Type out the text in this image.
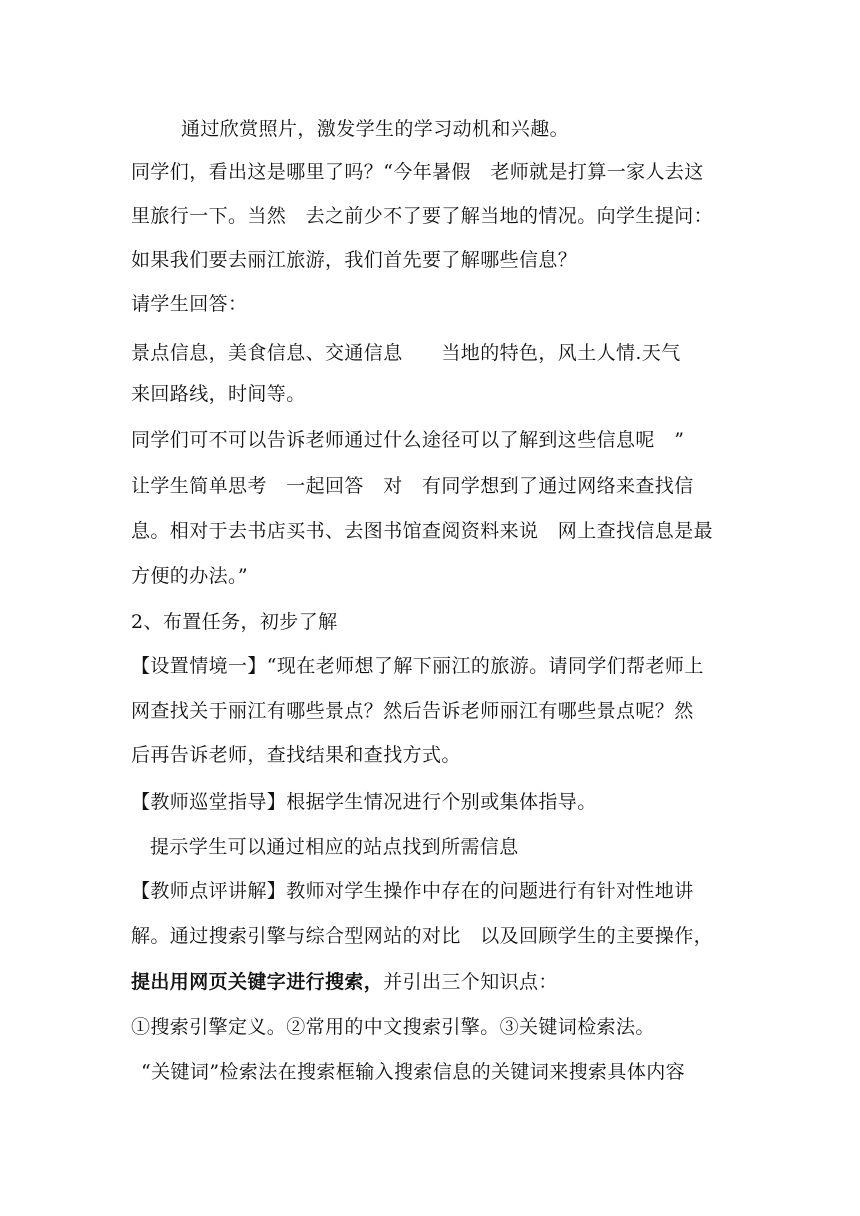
通过欣赏照片，激发学生的学习动机和兴趣。
同学们，看出这是哪里了吗？“今年暑假　老师就是打算一家人去这
里旅行一下。当然　去之前少不了要了解当地的情况。向学生提问：
如果我们要去丽江旅游，我们首先要了解哪些信息？
请学生回答：
景点信息，美食信息、交通信息　　当地的特色，风土人情.天气
来回路线，时间等。
同学们可不可以告诉老师通过什么途径可以了解到这些信息呢　”
让学生简单思考　一起回答　对　有同学想到了通过网络来查找信
息。相对于去书店买书、去图书馆查阅资料来说　网上查找信息是最
方便的办法。”
2、布置任务，初步了解
【设置情境一】“现在老师想了解下丽江的旅游。请同学们帮老师上
网查找关于丽江有哪些景点？然后告诉老师丽江有哪些景点呢？然
后再告诉老师，查找结果和查找方式。
【教师巡堂指导】根据学生情况进行个别或集体指导。
提示学生可以通过相应的站点找到所需信息
【教师点评讲解】教师对学生操作中存在的问题进行有针对性地讲
解。通过搜索引擎与综合型网站的对比　以及回顾学生的主要操作，
提出用网页关键字进行搜索，并引出三个知识点：
①搜索引擎定义。②常用的中文搜索引擎。③关键词检索法。
“关键词”检索法在搜索框输入搜索信息的关键词来搜索具体内容
